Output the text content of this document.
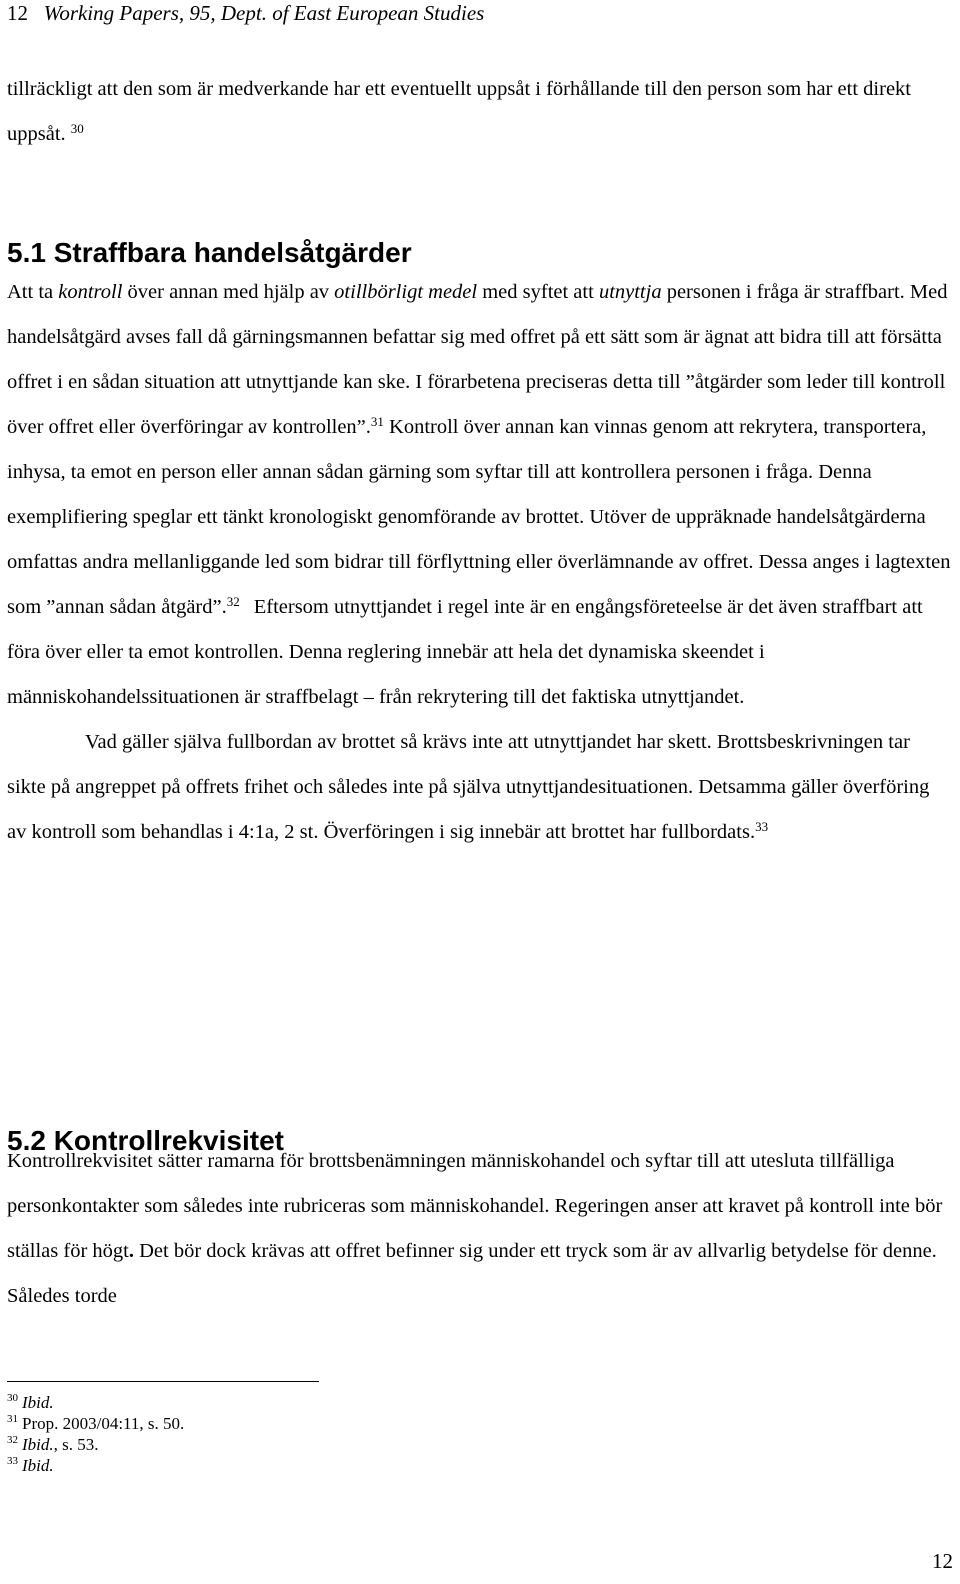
12 Working Papers, 95, Dept. of East European Studies

tillräckligt att den som är medverkande har ett eventuellt uppsåt i förhållande till den person som har ett direkt uppsåt. $^{30}$

5.1 Straffbara handelsåtgärder

Att ta kontroll över annan med hjälp av otillbörligt medel med syftet att utnyttja personen i fråga är straffbart. Med handelsåtgärd avses fall då gärningsmannen befattar sig med offret på ett sätt som är ägnat att bidra till att försätta offret i en sådan situation att utnyttjande kan ske. I förarbetena preciseras detta till ”åtgärder som leder till kontroll över offret eller överföringar av kontrollen”.$^{31}$ Kontroll över annan kan vinnas genom att rekrytera, transportera, inhysa, ta emot en person eller annan sådan gärning som syftar till att kontrollera personen i fråga. Denna exemplifiering speglar ett tänkt kronologiskt genomförande av brottet. Utöver de uppräknade handelsåtgärderna omfattas andra mellanliggande led som bidrar till förflyttning eller överlämnande av offret. Dessa anges i lagtexten som ”annan sådan åtgärd”.$^{32}$ Eftersom utnyttjandet i regel inte är en engångsföreteelse är det även straffbart att föra över eller ta emot kontrollen. Denna reglering innebär att hela det dynamiska skeendet i människohandelssituationen är straffbelagt – från rekrytering till det faktiska utnyttjandet.
Vad gäller själva fullbordan av brottet så krävs inte att utnyttjandet har skett. Brottsbeskrivningen tar sikte på angreppet på offrets frihet och således inte på själva utnyttjandesituationen. Detsamma gäller överföring av kontroll som behandlas i 4:1a, 2 st. Överföringen i sig innebär att brottet har fullbordats.$^{33}$

5.2 Kontrollrekvisitet

Kontrollrekvisitet sätter ramarna för brottsbenämningen människohandel och syftar till att utesluta tillfälliga personkontakter som således inte rubriceras som människohandel. Regeringen anser att kravet på kontroll inte bör ställas för högt. Det bör dock krävas att offret befinner sig under ett tryck som är av allvarlig betydelse för denne. Således torde

$^{30}$ Ibid.
$^{31}$ Prop. 2003/04:11, s. 50.
$^{32}$ Ibid., s. 53.
$^{33}$ Ibid.
12
